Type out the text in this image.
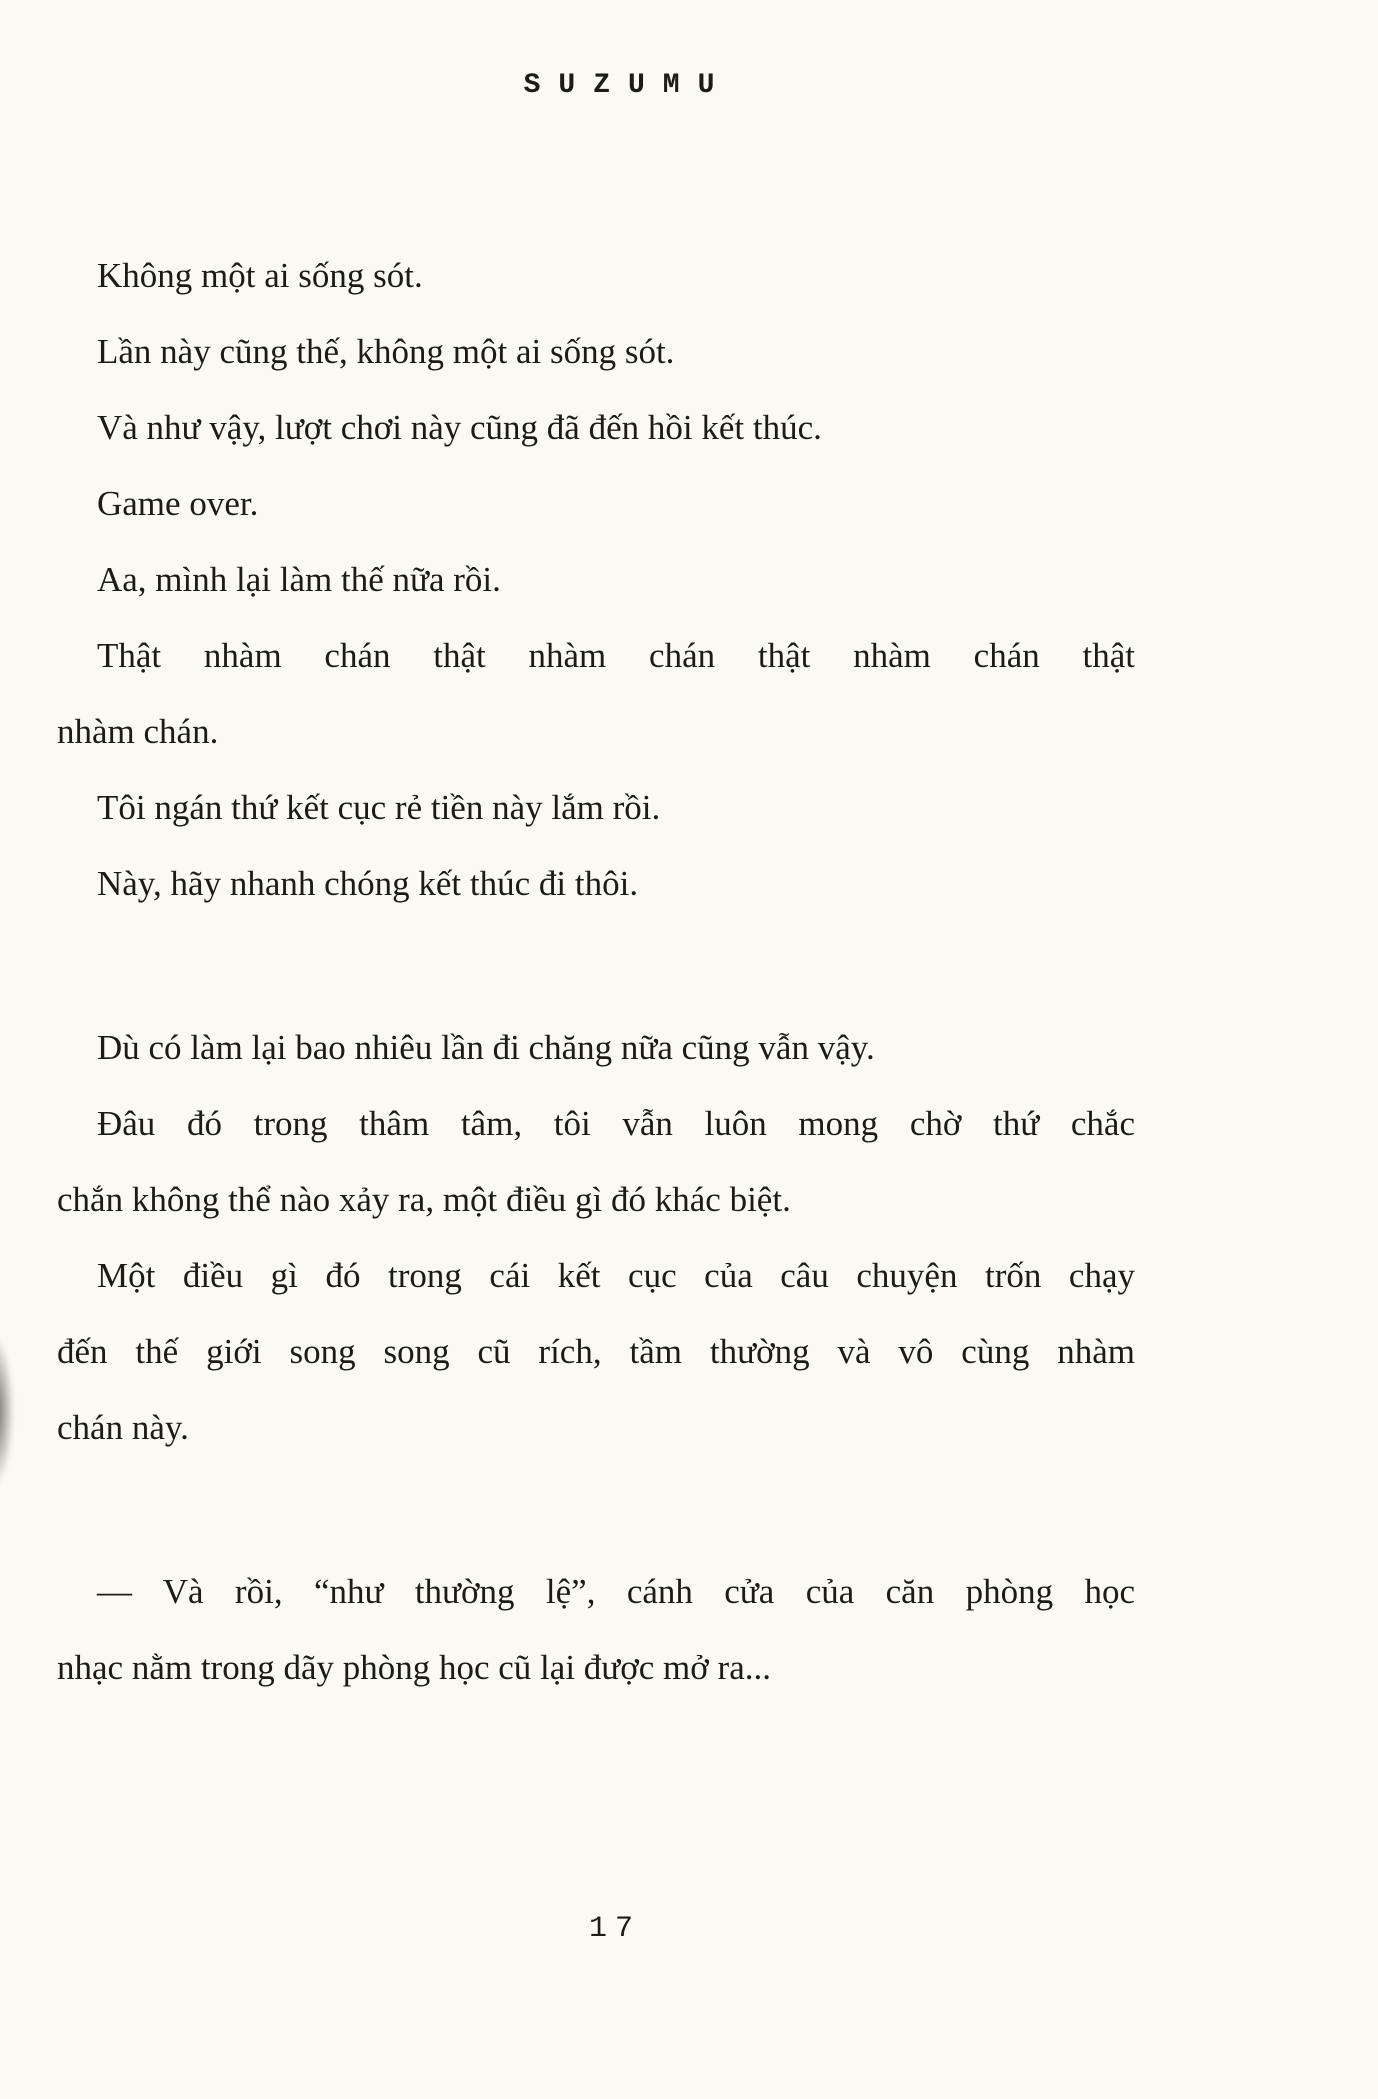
SUZUMU
Không một ai sống sót.
Lần này cũng thế, không một ai sống sót.
Và như vậy, lượt chơi này cũng đã đến hồi kết thúc.
Game over.
Aa, mình lại làm thế nữa rồi.
Thật nhàm chán thật nhàm chán thật nhàm chán thật
nhàm chán.
Tôi ngán thứ kết cục rẻ tiền này lắm rồi.
Này, hãy nhanh chóng kết thúc đi thôi.
Dù có làm lại bao nhiêu lần đi chăng nữa cũng vẫn vậy.
Đâu đó trong thâm tâm, tôi vẫn luôn mong chờ thứ chắc
chắn không thể nào xảy ra, một điều gì đó khác biệt.
Một điều gì đó trong cái kết cục của câu chuyện trốn chạy
đến thế giới song song cũ rích, tầm thường và vô cùng nhàm
chán này.
— Và rồi, “như thường lệ”, cánh cửa của căn phòng học
nhạc nằm trong dãy phòng học cũ lại được mở ra...
17
